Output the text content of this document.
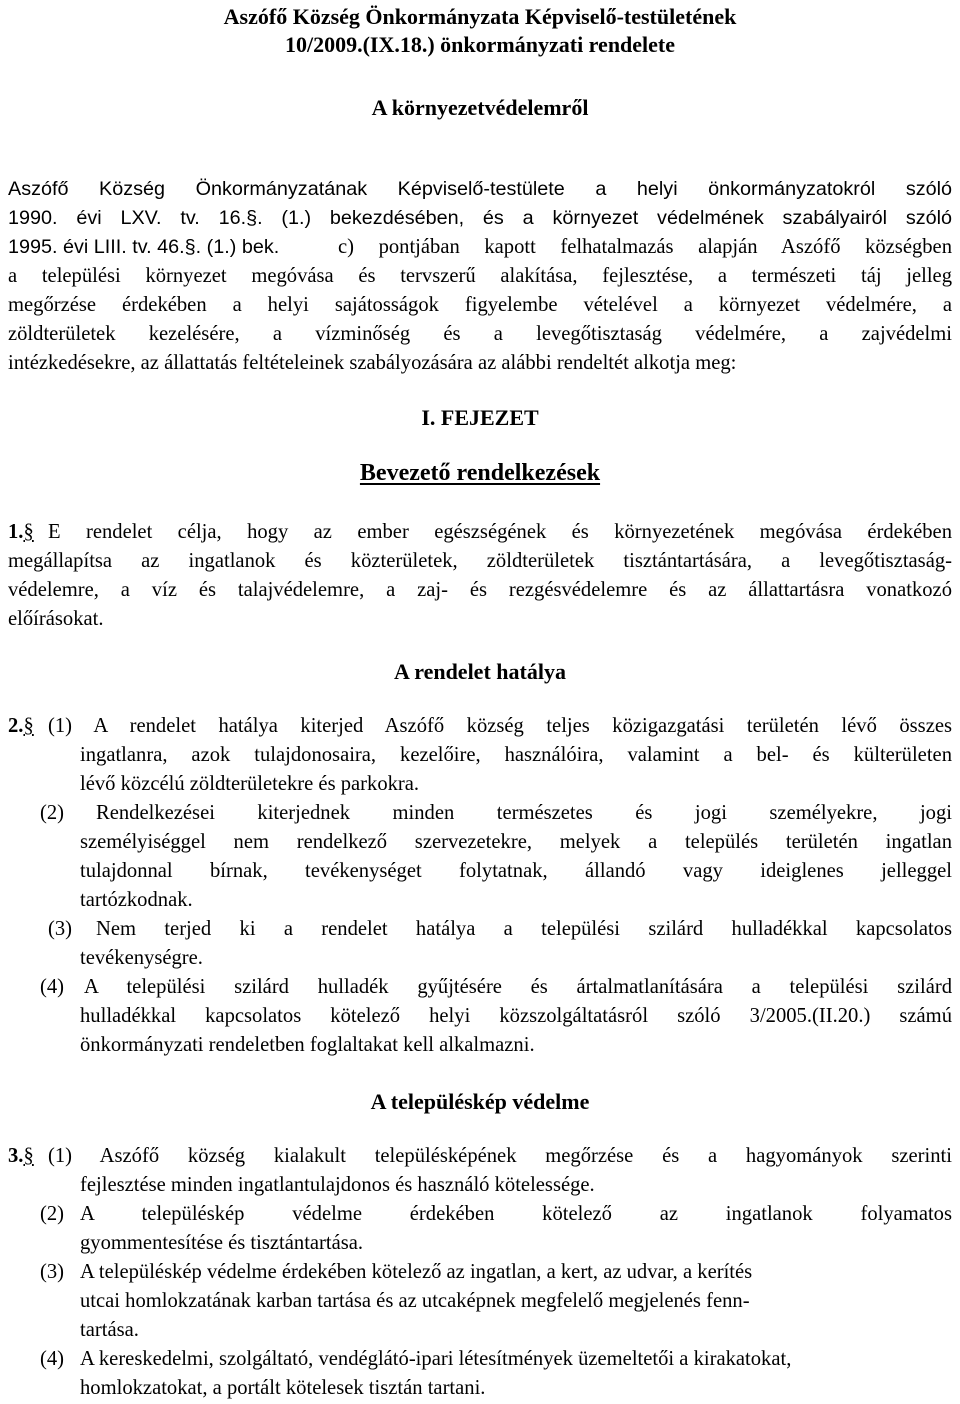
Aszófő Község Önkormányzata Képviselő-testületének
10/2009.(IX.18.) önkormányzati rendelete
A környezetvédelemről
Aszófő Község Önkormányzatának Képviselő-testülete a helyi önkormányzatokról szóló
1990. évi LXV. tv. 16.§. (1.) bekezdésében, és a környezet védelmének szabályairól szóló
1995. évi LIII. tv. 46.§. (1.) bek.	c) pontjában kapott felhatalmazás alapján Aszófő községben
a települési környezet megóvása és tervszerű alakítása, fejlesztése, a természeti táj jelleg
megőrzése érdekében a helyi sajátosságok figyelembe vételével a környezet védelmére, a
zöldterületek kezelésére, a vízminőség és a levegőtisztaság védelmére, a zajvédelmi
intézkedésekre, az állattatás feltételeinek szabályozására az alábbi rendeltét alkotja meg:
I. FEJEZET
Bevezető rendelkezések
1.§ E rendelet célja, hogy az ember egészségének és környezetének megóvása érdekében
megállapítsa az ingatlanok és közterületek, zöldterületek tisztántartására, a levegőtisztaság-
védelemre, a víz és talajvédelemre, a zaj- és rezgésvédelemre és az állattartásra vonatkozó
előírásokat.
A rendelet hatálya
2.§ (1) A rendelet hatálya kiterjed Aszófő község teljes közigazgatási területén lévő összes
ingatlanra, azok tulajdonosaira, kezelőire, használóira, valamint a bel- és külterületen
lévő közcélú zöldterületekre és parkokra.
(2) Rendelkezései kiterjednek minden természetes és jogi személyekre, jogi
személyiséggel nem rendelkező szervezetekre, melyek a település területén ingatlan
tulajdonnal bírnak, tevékenységet folytatnak, állandó vagy ideiglenes jelleggel
tartózkodnak.
(3) Nem terjed ki a rendelet hatálya a települési szilárd hulladékkal kapcsolatos
tevékenységre.
(4) A települési szilárd hulladék gyűjtésére és ártalmatlanítására a települési szilárd
hulladékkal kapcsolatos kötelező helyi közszolgáltatásról szóló 3/2005.(II.20.) számú
önkormányzati rendeletben foglaltakat kell alkalmazni.
A településkép védelme
3.§ (1) Aszófő község kialakult településképének megőrzése és a hagyományok szerinti
fejlesztése minden ingatlantulajdonos és használó kötelessége.
(2) A településkép védelme érdekében kötelező az ingatlanok folyamatos
gyommentesítése és tisztántartása.
(3) A településkép védelme érdekében kötelező az ingatlan, a kert, az udvar, a kerítés
utcai homlokzatának karban tartása és az utcaképnek megfelelő megjelenés fenn-
tartása.
(4) A kereskedelmi, szolgáltató, vendéglátó-ipari létesítmények üzemeltetői a kirakatokat,
homlokzatokat, a portált kötelesek tisztán tartani.
